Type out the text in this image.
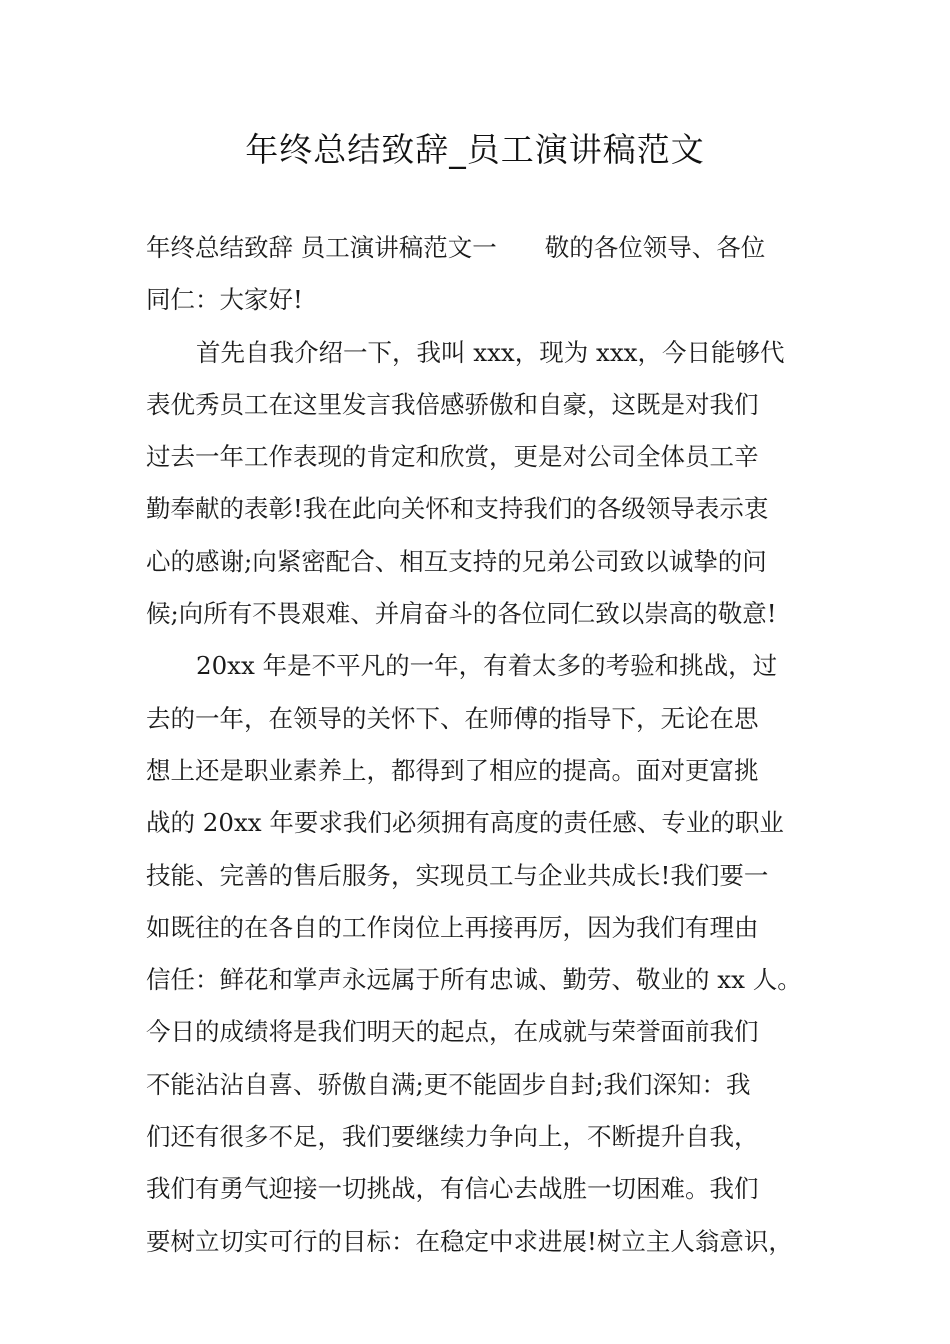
年终总结致辞_员工演讲稿范文
年终总结致辞 员工演讲稿范文一 敬的各位领导、各位
同仁：大家好!
首先自我介绍一下，我叫 xxx，现为 xxx，今日能够代
表优秀员工在这里发言我倍感骄傲和自豪，这既是对我们
过去一年工作表现的肯定和欣赏，更是对公司全体员工辛
勤奉献的表彰!我在此向关怀和支持我们的各级领导表示衷
心的感谢;向紧密配合、相互支持的兄弟公司致以诚挚的问
候;向所有不畏艰难、并肩奋斗的各位同仁致以崇高的敬意!
20xx 年是不平凡的一年，有着太多的考验和挑战，过
去的一年，在领导的关怀下、在师傅的指导下，无论在思
想上还是职业素养上，都得到了相应的提高。面对更富挑
战的 20xx 年要求我们必须拥有高度的责任感、专业的职业
技能、完善的售后服务，实现员工与企业共成长!我们要一
如既往的在各自的工作岗位上再接再厉，因为我们有理由
信任：鲜花和掌声永远属于所有忠诚、勤劳、敬业的 xx 人。
今日的成绩将是我们明天的起点，在成就与荣誉面前我们
不能沾沾自喜、骄傲自满;更不能固步自封;我们深知：我
们还有很多不足，我们要继续力争向上，不断提升自我，
我们有勇气迎接一切挑战，有信心去战胜一切困难。我们
要树立切实可行的目标：在稳定中求进展!树立主人翁意识，
